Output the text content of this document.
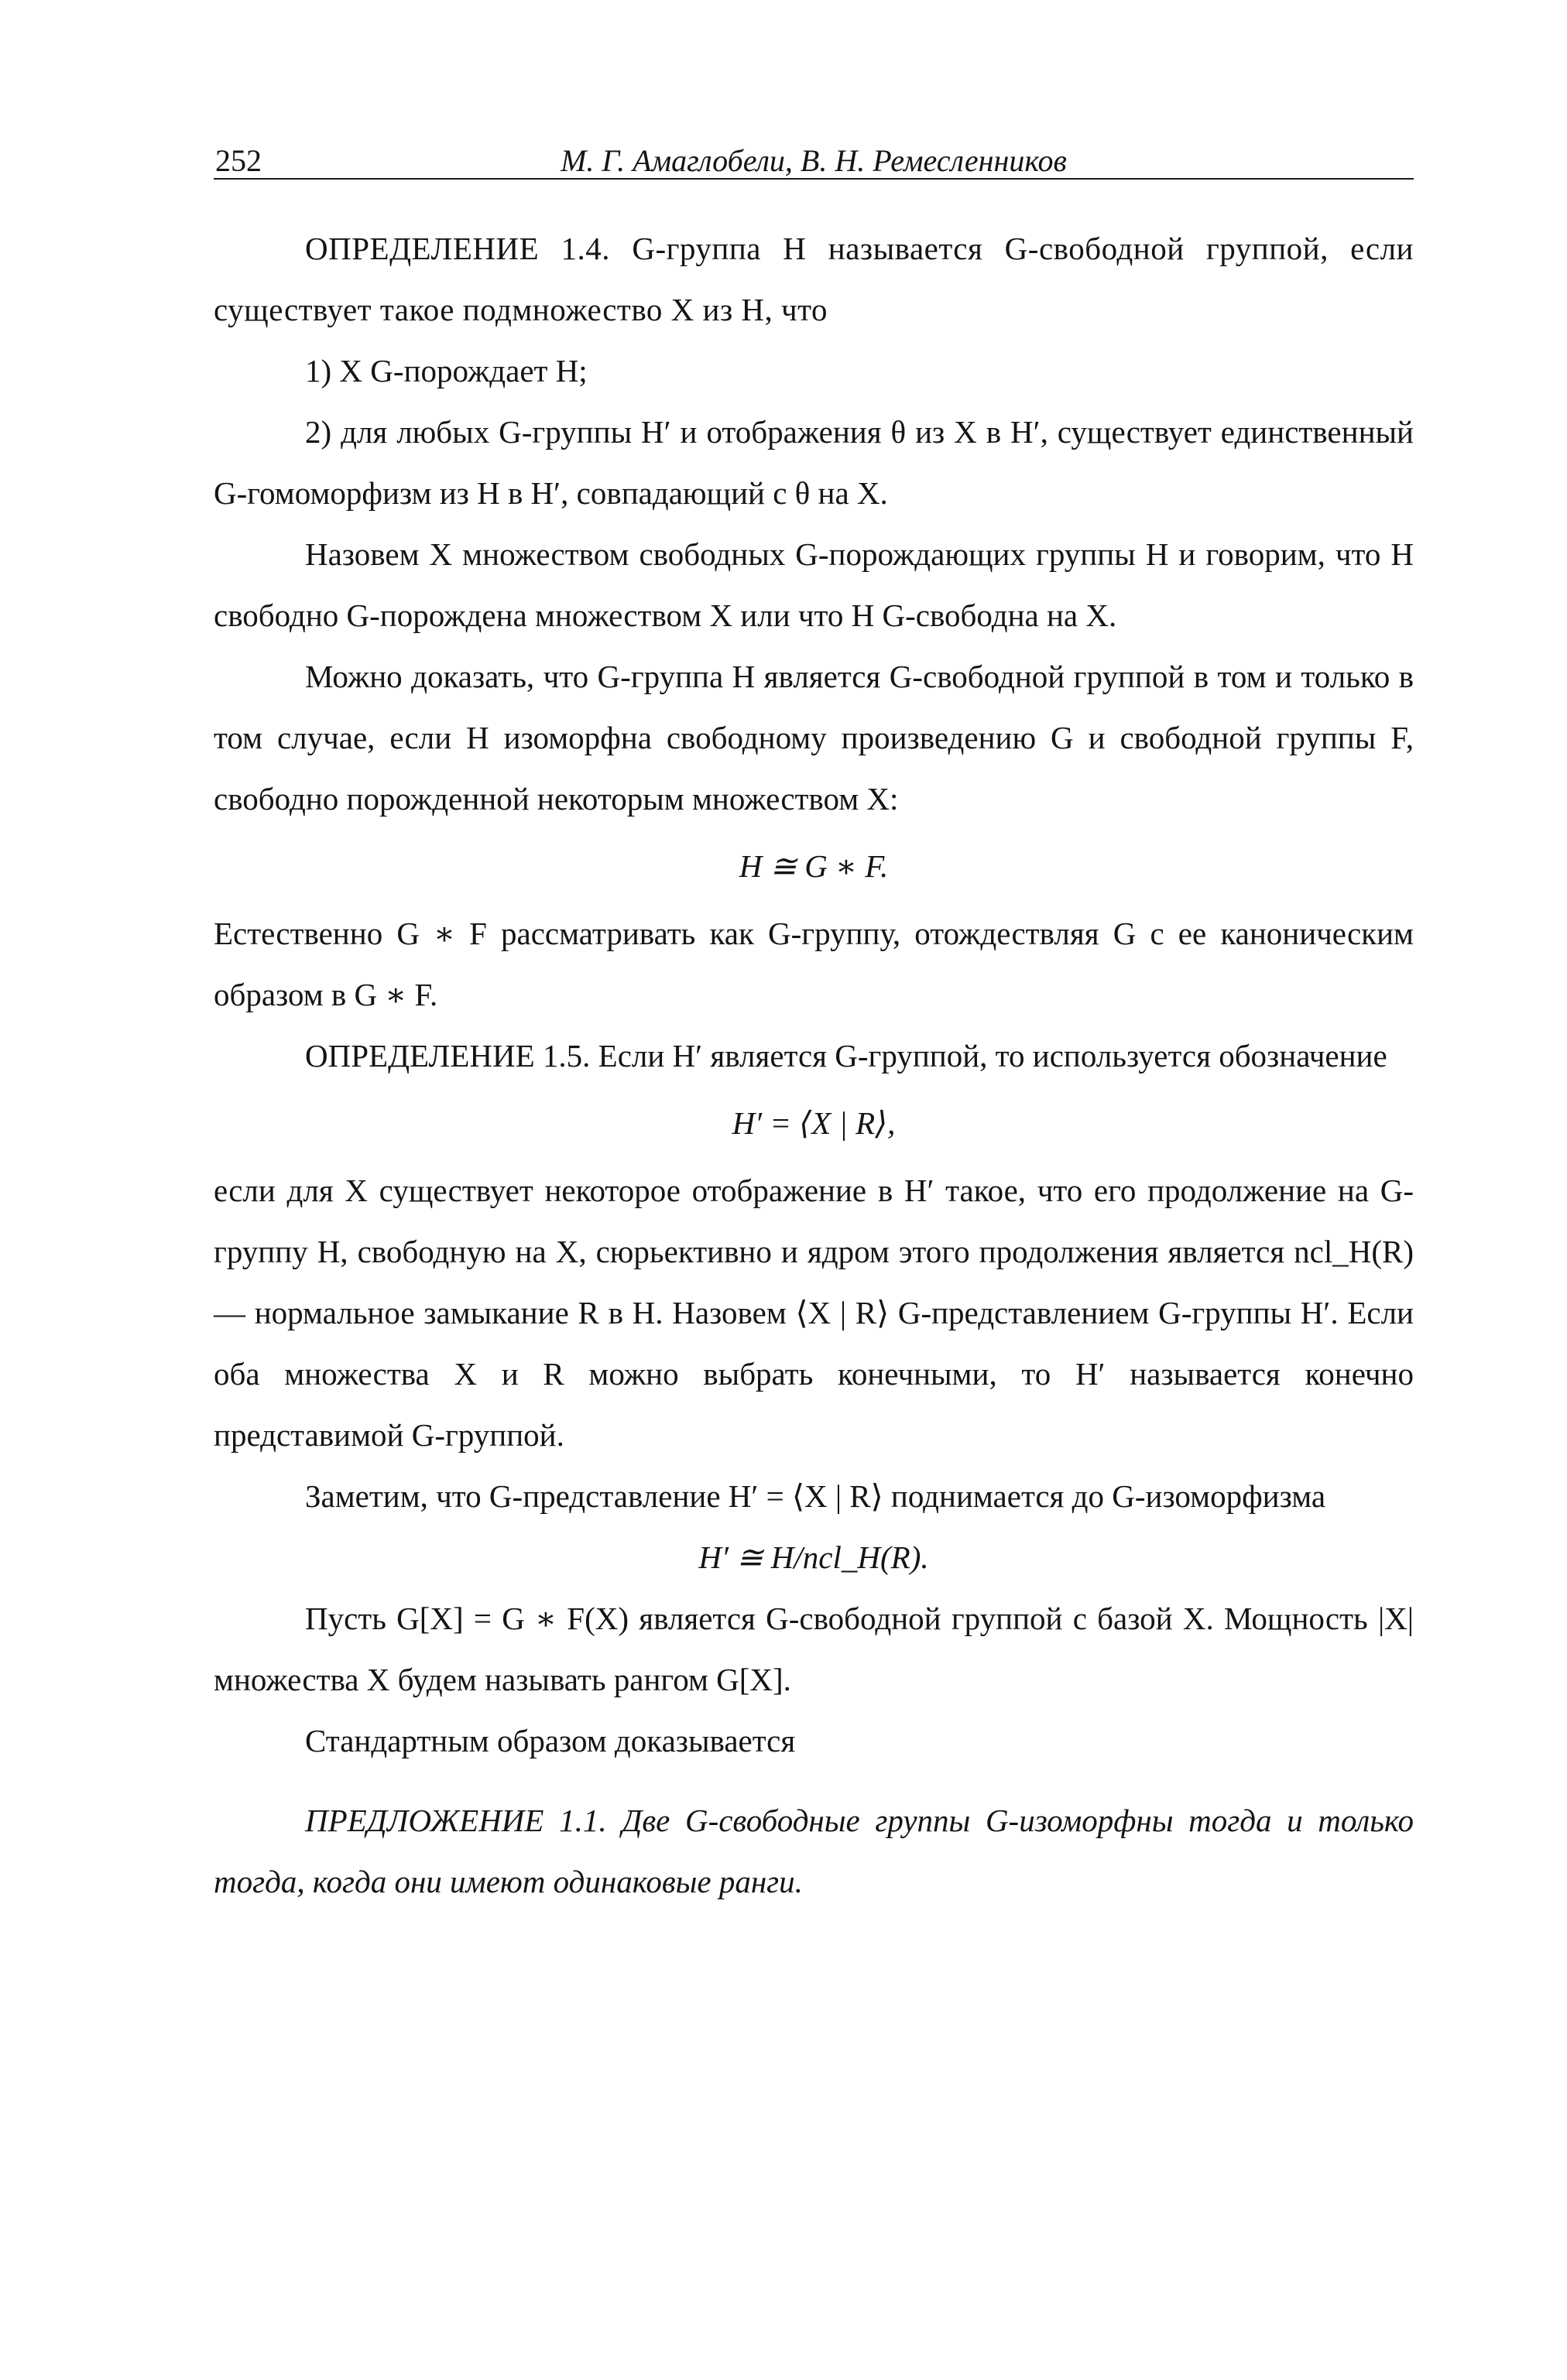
252	М. Г. Амаглобели, В. Н. Ремесленников

ОПРЕДЕЛЕНИЕ 1.4. G-группа H называется G-свободной группой, если существует такое подмножество X из H, что

1) X G-порождает H;

2) для любых G-группы H′ и отображения θ из X в H′, существует единственный G-гомоморфизм из H в H′, совпадающий с θ на X.

Назовем X множеством свободных G-порождающих группы H и говорим, что H свободно G-порождена множеством X или что H G-свободна на X.

Можно доказать, что G-группа H является G-свободной группой в том и только в том случае, если H изоморфна свободному произведению G и свободной группы F, свободно порожденной некоторым множеством X:

H ≅ G ∗ F.

Естественно G ∗ F рассматривать как G-группу, отождествляя G с ее каноническим образом в G ∗ F.

ОПРЕДЕЛЕНИЕ 1.5. Если H′ является G-группой, то используется обозначение

H′ = ⟨X | R⟩,

если для X существует некоторое отображение в H′ такое, что его продолжение на G-группу H, свободную на X, сюрьективно и ядром этого продолжения является ncl_H(R) — нормальное замыкание R в H. Назовем ⟨X | R⟩ G-представлением G-группы H′. Если оба множества X и R можно выбрать конечными, то H′ называется конечно представимой G-группой.

Заметим, что G-представление H′ = ⟨X | R⟩ поднимается до G-изоморфизма

H′ ≅ H/ncl_H(R).

Пусть G[X] = G ∗ F(X) является G-свободной группой с базой X. Мощность |X| множества X будем называть рангом G[X].

Стандартным образом доказывается

ПРЕДЛОЖЕНИЕ 1.1. Две G-свободные группы G-изоморфны тогда и только тогда, когда они имеют одинаковые ранги.
